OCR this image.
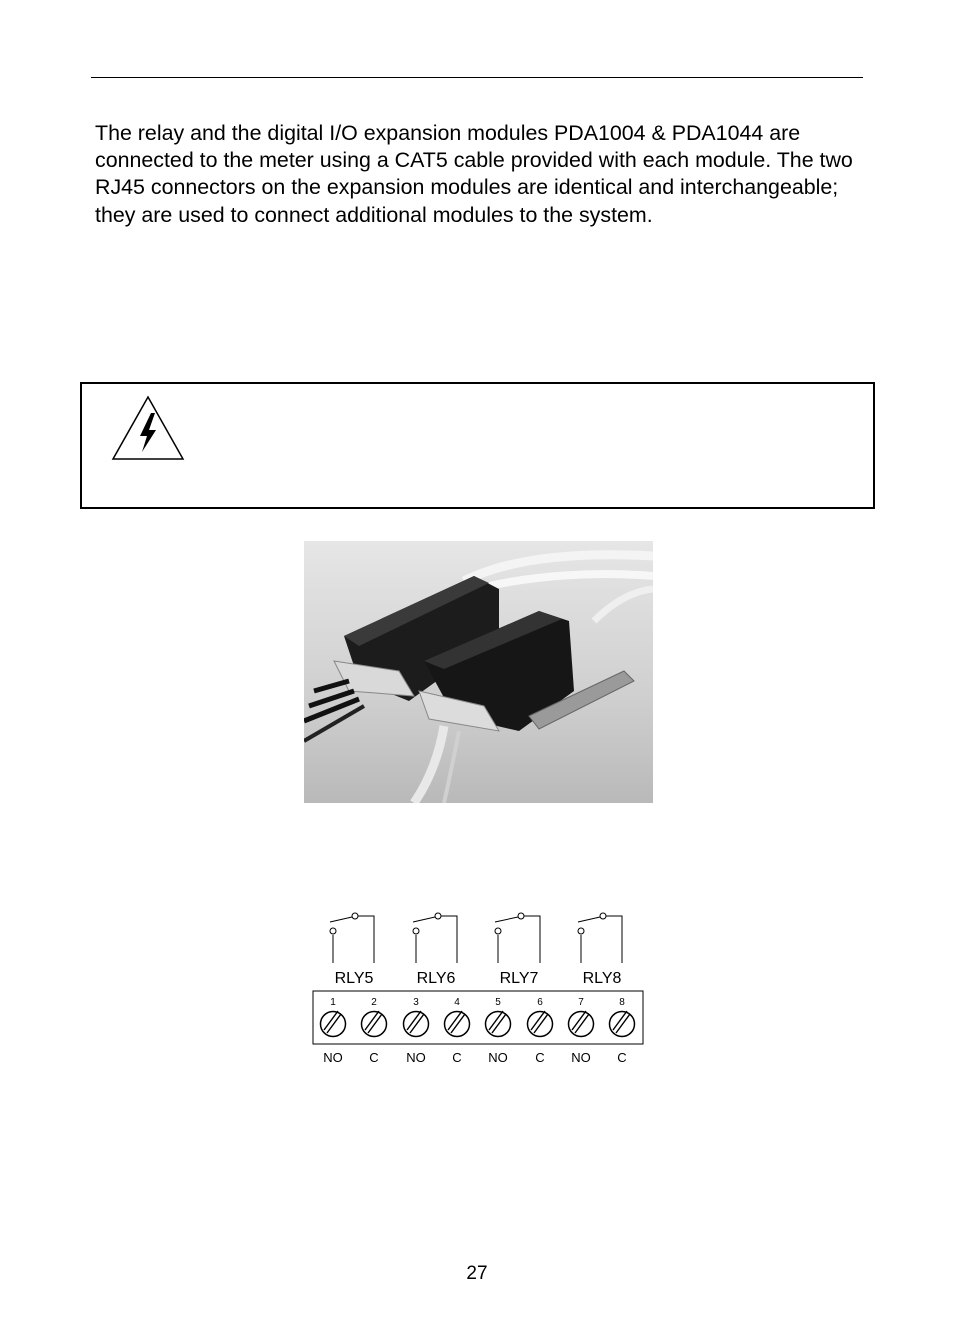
The relay and the digital I/O expansion modules PDA1004 & PDA1044 are connected to the meter using a CAT5 cable provided with each module. The two RJ45 connectors on the expansion modules are identical and interchangeable; they are used to connect additional modules to the system.

RLY5	RLY6	RLY7	RLY8
1	2	3	4	5	6	7	8
NO C NO C NO C NO C
27
